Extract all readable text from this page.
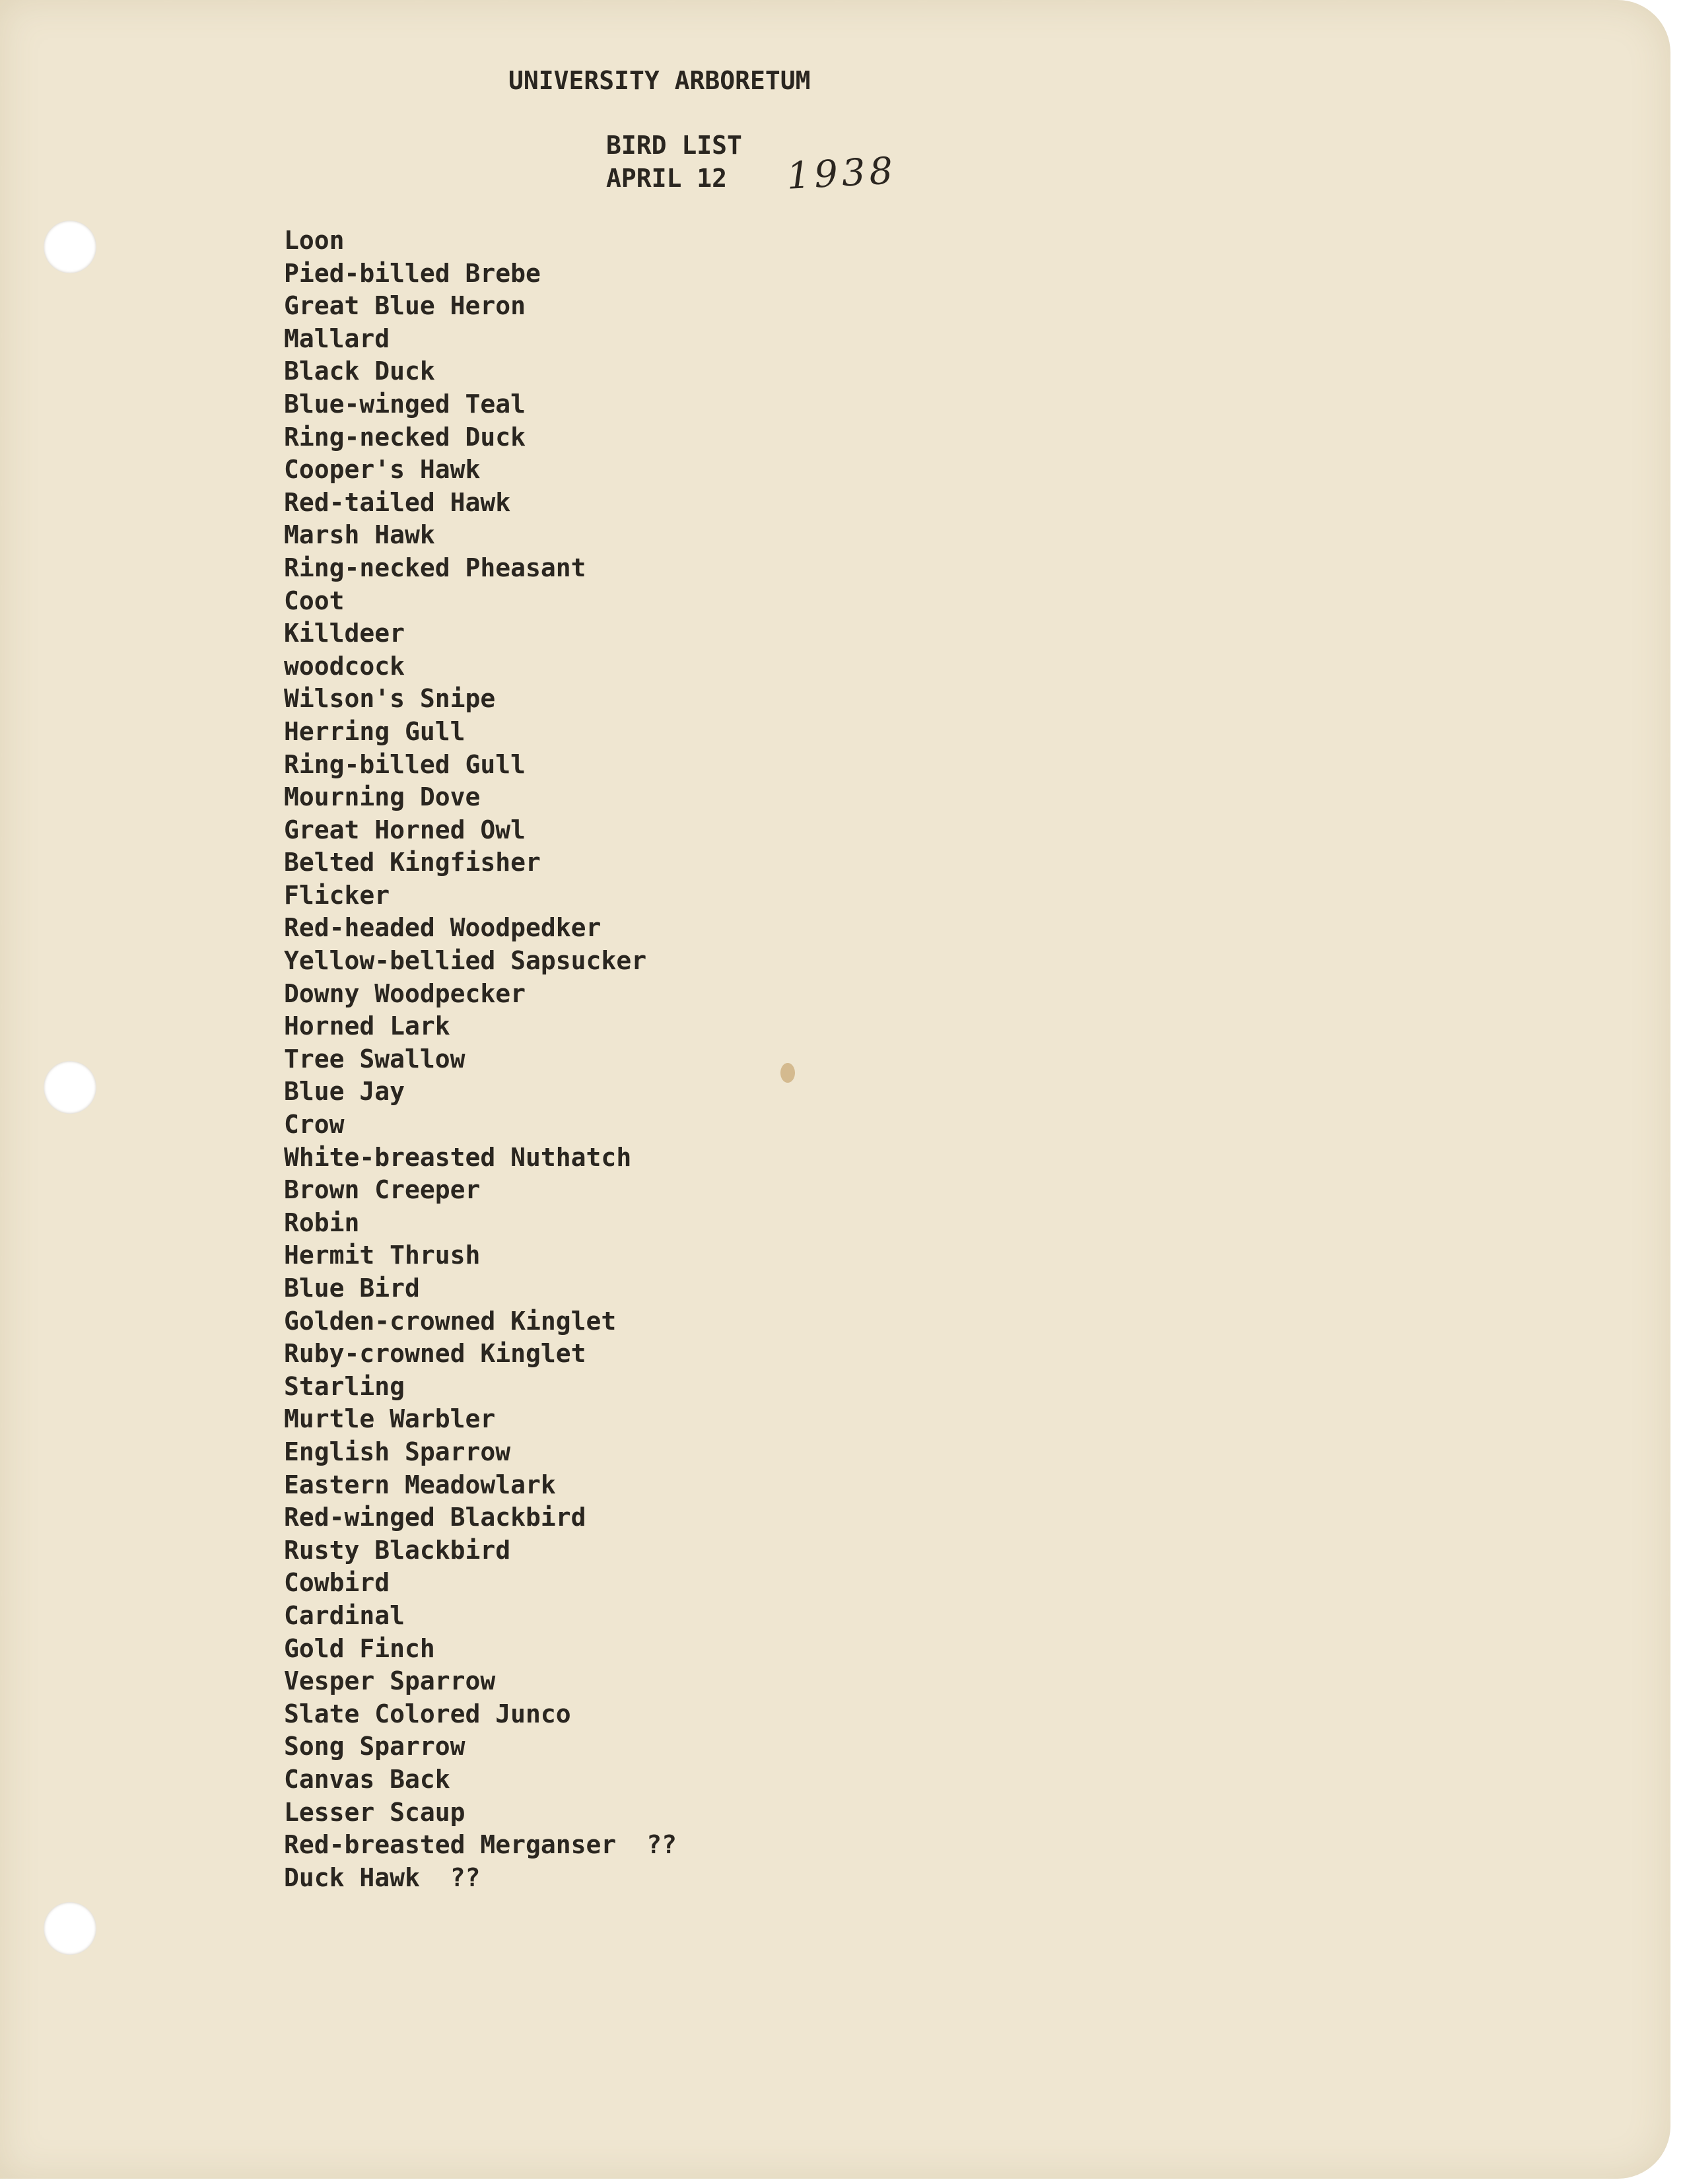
UNIVERSITY ARBORETUM
BIRD LIST
APRIL 12	1938
Loon
Pied-billed Brebe
Great Blue Heron
Mallard
Black Duck
Blue-winged Teal
Ring-necked Duck
Cooper's Hawk
Red-tailed Hawk
Marsh Hawk
Ring-necked Pheasant
Coot
Killdeer
woodcock
Wilson's Snipe
Herring Gull
Ring-billed Gull
Mourning Dove
Great Horned Owl
Belted Kingfisher
Flicker
Red-headed Woodpedker
Yellow-bellied Sapsucker
Downy Woodpecker
Horned Lark
Tree Swallow
Blue Jay
Crow
White-breasted Nuthatch
Brown Creeper
Robin
Hermit Thrush
Blue Bird
Golden-crowned Kinglet
Ruby-crowned Kinglet
Starling
Murtle Warbler
English Sparrow
Eastern Meadowlark
Red-winged Blackbird
Rusty Blackbird
Cowbird
Cardinal
Gold Finch
Vesper Sparrow
Slate Colored Junco
Song Sparrow
Canvas Back
Lesser Scaup
Red-breasted Merganser  ??
Duck Hawk  ??
